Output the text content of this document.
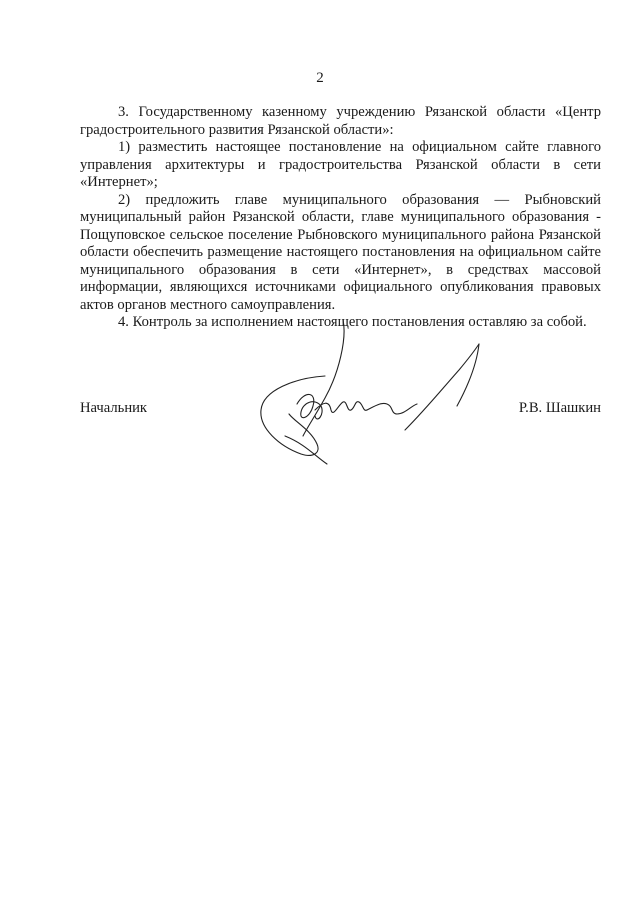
2

3. Государственному казенному учреждению Рязанской области «Центр градостроительного развития Рязанской области»:

1) разместить настоящее постановление на официальном сайте главного управления архитектуры и градостроительства Рязанской области в сети «Интернет»;

2) предложить главе муниципального образования — Рыбновский муниципальный район Рязанской области, главе муниципального образования - Пощуповское сельское поселение Рыбновского муниципального района Рязанской области обеспечить размещение настоящего постановления на официальном сайте муниципального образования в сети «Интернет», в средствах массовой информации, являющихся источниками официального опубликования правовых актов органов местного самоуправления.

4. Контроль за исполнением настоящего постановления оставляю за собой.

Начальник	Р.В. Шашкин
